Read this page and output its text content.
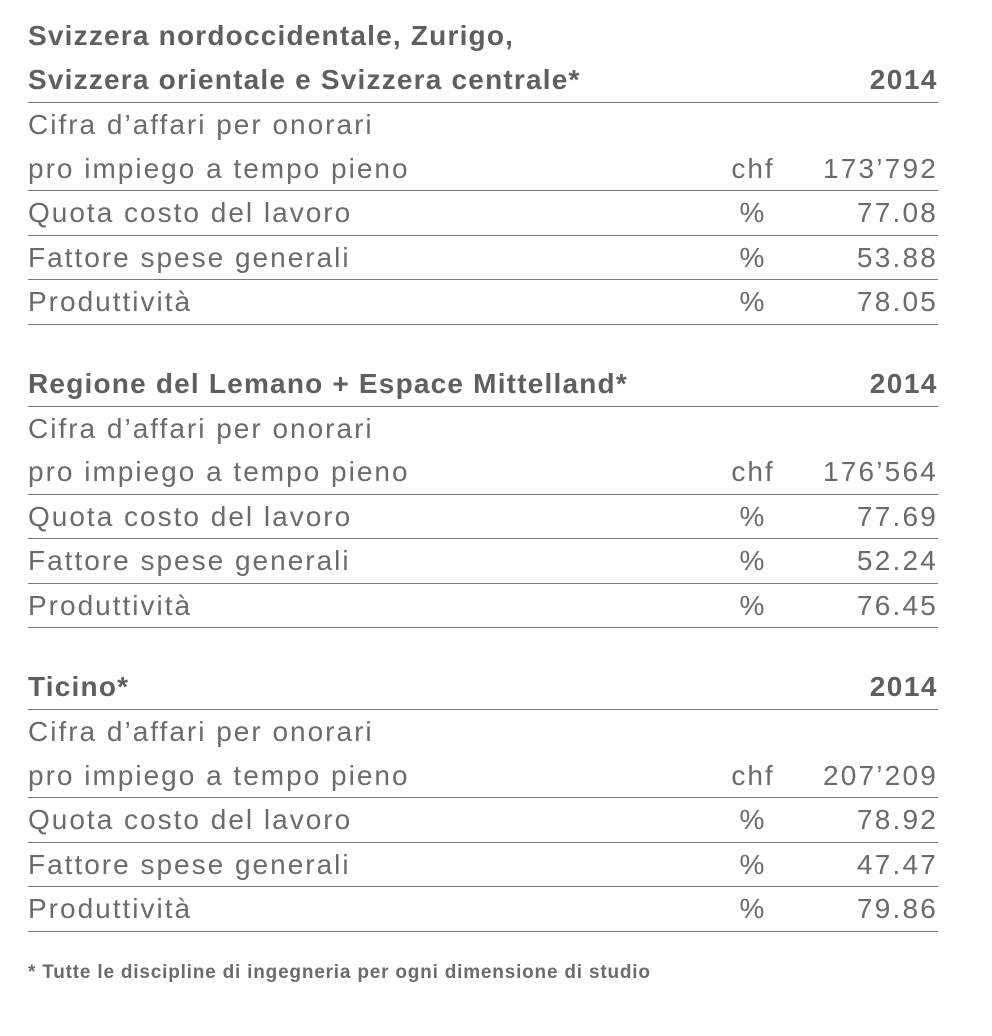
Svizzera nordoccidentale, Zurigo,
Svizzera orientale e Svizzera centrale*	2014
Cifra d’affari per onorari
pro impiego a tempo pieno	chf	173’792
Quota costo del lavoro	%	77.08
Fattore spese generali	%	53.88
Produttività	%	78.05
Regione del Lemano + Espace Mittelland*	2014
Cifra d’affari per onorari
pro impiego a tempo pieno	chf	176’564
Quota costo del lavoro	%	77.69
Fattore spese generali	%	52.24
Produttività	%	76.45
Ticino*	2014
Cifra d’affari per onorari
pro impiego a tempo pieno	chf	207’209
Quota costo del lavoro	%	78.92
Fattore spese generali	%	47.47
Produttività	%	79.86
* Tutte le discipline di ingegneria per ogni dimensione di studio
